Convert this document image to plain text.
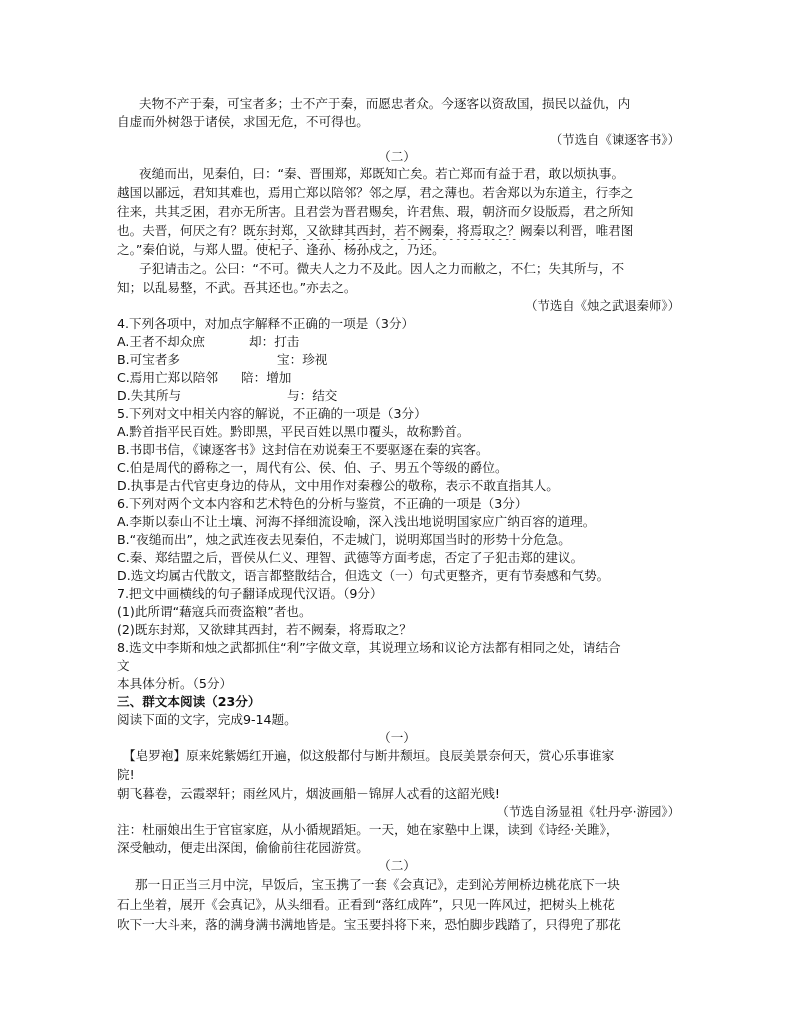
夫物不产于秦，可宝者多；士不产于秦，而愿忠者众。今逐客以资敌国，损民以益仇，内
自虚而外树怨于诸侯，求国无危，不可得也。
（节选自《谏逐客书》）
（二）
夜缒而出，见秦伯，曰：“秦、晋围郑，郑既知亡矣。若亡郑而有益于君，敢以烦执事。
越国以鄙远，君知其难也，焉用亡郑以陪邻？邻之厚，君之薄也。若舍郑以为东道主，行李之
往来，共其乏困，君亦无所害。且君尝为晋君赐矣，许君焦、瑕，朝济而夕设版焉，君之所知
也。夫晋，何厌之有？既东封郑，又欲肆其西封，若不阙秦，将焉取之？阙秦以利晋，唯君图
之。”秦伯说，与郑人盟。使杞子、逢孙、杨孙戍之，乃还。
子犯请击之。公曰：“不可。微夫人之力不及此。因人之力而敝之，不仁；失其所与，不
知；以乱易整，不武。吾其还也。”亦去之。
（节选自《烛之武退秦师》）
4.下列各项中，对加点字解释不正确的一项是（3分）
A.王者不却众庶	却：打击
B.可宝者多	宝：珍视
C.焉用亡郑以陪邻 陪：增加
D.失其所与	与：结交
5.下列对文中相关内容的解说，不正确的一项是（3分）
A.黔首指平民百姓。黔即黑，平民百姓以黑巾覆头，故称黔首。
B.书即书信，《谏逐客书》这封信在劝说秦王不要驱逐在秦的宾客。
C.伯是周代的爵称之一，周代有公、侯、伯、子、男五个等级的爵位。
D.执事是古代官吏身边的侍从，文中用作对秦穆公的敬称，表示不敢直指其人。
6.下列对两个文本内容和艺术特色的分析与鉴赏，不正确的一项是（3分）
A.李斯以泰山不让土壤、河海不择细流设喻，深入浅出地说明国家应广纳百容的道理。
B.“夜缒而出”，烛之武连夜去见秦伯，不走城门，说明郑国当时的形势十分危急。
C.秦、郑结盟之后，晋侯从仁义、理智、武德等方面考虑，否定了子犯击郑的建议。
D.选文均属古代散文，语言都整散结合，但选文（一）句式更整齐，更有节奏感和气势。
7.把文中画横线的句子翻译成现代汉语。（9分）
(1)此所谓“藉寇兵而赍盗粮”者也。
(2)既东封郑，又欲肆其西封，若不阙秦，将焉取之？
8.选文中李斯和烛之武都抓住“利”字做文章，其说理立场和议论方法都有相同之处，请结合
文
本具体分析。（5分）
三、群文本阅读（23分）
阅读下面的文字，完成9-14题。
（一）
【皂罗袍】原来姹紫嫣红开遍，似这般都付与断井颓垣。良辰美景奈何天，赏心乐事谁家
院!
朝飞暮卷，云霞翠轩；雨丝风片，烟波画船－锦屏人忒看的这韶光贱!
（节选自汤显祖《牡丹亭·游园》）
注：杜丽娘出生于官宦家庭，从小循规蹈矩。一天，她在家塾中上课，读到《诗经·关雎》，
深受触动，便走出深闺，偷偷前往花园游赏。
（二）
那一日正当三月中浣，早饭后，宝玉携了一套《会真记》，走到沁芳闸桥边桃花底下一块
石上坐着，展开《会真记》，从头细看。正看到“落红成阵”，只见一阵风过，把树头上桃花
吹下一大斗来，落的满身满书满地皆是。宝玉要抖将下来，恐怕脚步践踏了，只得兜了那花
